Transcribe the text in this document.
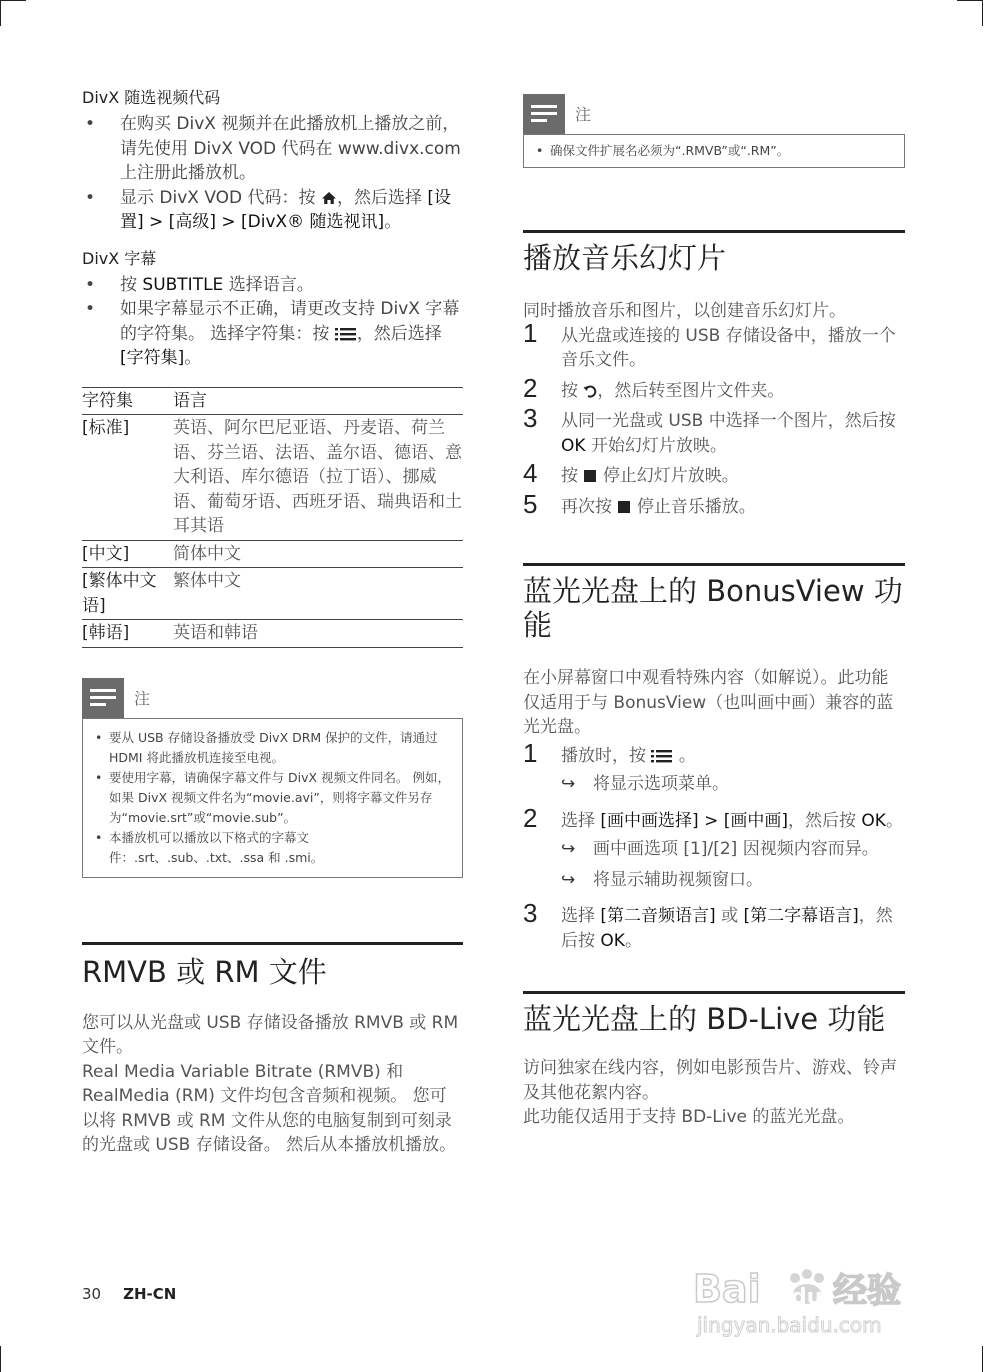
DivX 随选视频代码
• 在购买 DivX 视频并在此播放机上播放之前，请先使用 DivX VOD 代码在 www.divx.com 上注册此播放机。
• 显示 DivX VOD 代码：按 ，然后选择 [设置] > [高级] > [DivX® 随选视讯]。
DivX 字幕
• 按 SUBTITLE 选择语言。
• 如果字幕显示不正确，请更改支持 DivX 字幕的字符集。 选择字符集：按 ，然后选择 [字符集]。
字符集	语言
[标准]	英语、阿尔巴尼亚语、丹麦语、荷兰语、芬兰语、法语、盖尔语、德语、意大利语、库尔德语（拉丁语）、挪威语、葡萄牙语、西班牙语、瑞典语和土耳其语
[中文]	简体中文
[繁体中文语]	繁体中文
[韩语]	英语和韩语
注
• 要从 USB 存储设备播放受 DivX DRM 保护的文件，请通过 HDMI 将此播放机连接至电视。
• 要使用字幕，请确保字幕文件与 DivX 视频文件同名。 例如，如果 DivX 视频文件名为“movie.avi”，则将字幕文件另存为“movie.srt”或“movie.sub”。
• 本播放机可以播放以下格式的字幕文件：.srt、.sub、.txt、.ssa 和 .smi。
RMVB 或 RM 文件

您可以从光盘或 USB 存储设备播放 RMVB 或 RM 文件。

Real Media Variable Bitrate (RMVB) 和 RealMedia (RM) 文件均包含音频和视频。 您可以将 RMVB 或 RM 文件从您的电脑复制到可刻录的光盘或 USB 存储设备。 然后从本播放机播放。

注
• 确保文件扩展名必须为“.RMVB”或“.RM”。
播放音乐幻灯片

同时播放音乐和图片，以创建音乐幻灯片。

1 从光盘或连接的 USB 存储设备中，播放一个音乐文件。
2 按 ，然后转至图片文件夹。
3 从同一光盘或 USB 中选择一个图片，然后按 OK 开始幻灯片放映。
4 按 停止幻灯片放映。
5 再次按 停止音乐播放。
蓝光光盘上的 BonusView 功能

在小屏幕窗口中观看特殊内容（如解说）。此功能仅适用于与 BonusView（也叫画中画）兼容的蓝光光盘。

1 播放时，按 。
↪ 将显示选项菜单。
2 选择 [画中画选择] > [画中画]，然后按 OK。
↪ 画中画选项 [1]/[2] 因视频内容而异。
↪ 将显示辅助视频窗口。
3 选择 [第二音频语言] 或 [第二字幕语言]，然后按 OK。
蓝光光盘上的 BD-Live 功能

访问独家在线内容，例如电影预告片、游戏、铃声及其他花絮内容。

此功能仅适用于支持 BD-Live 的蓝光光盘。

30 ZH-CN	Bai du 经验
jingyan.baidu.com
